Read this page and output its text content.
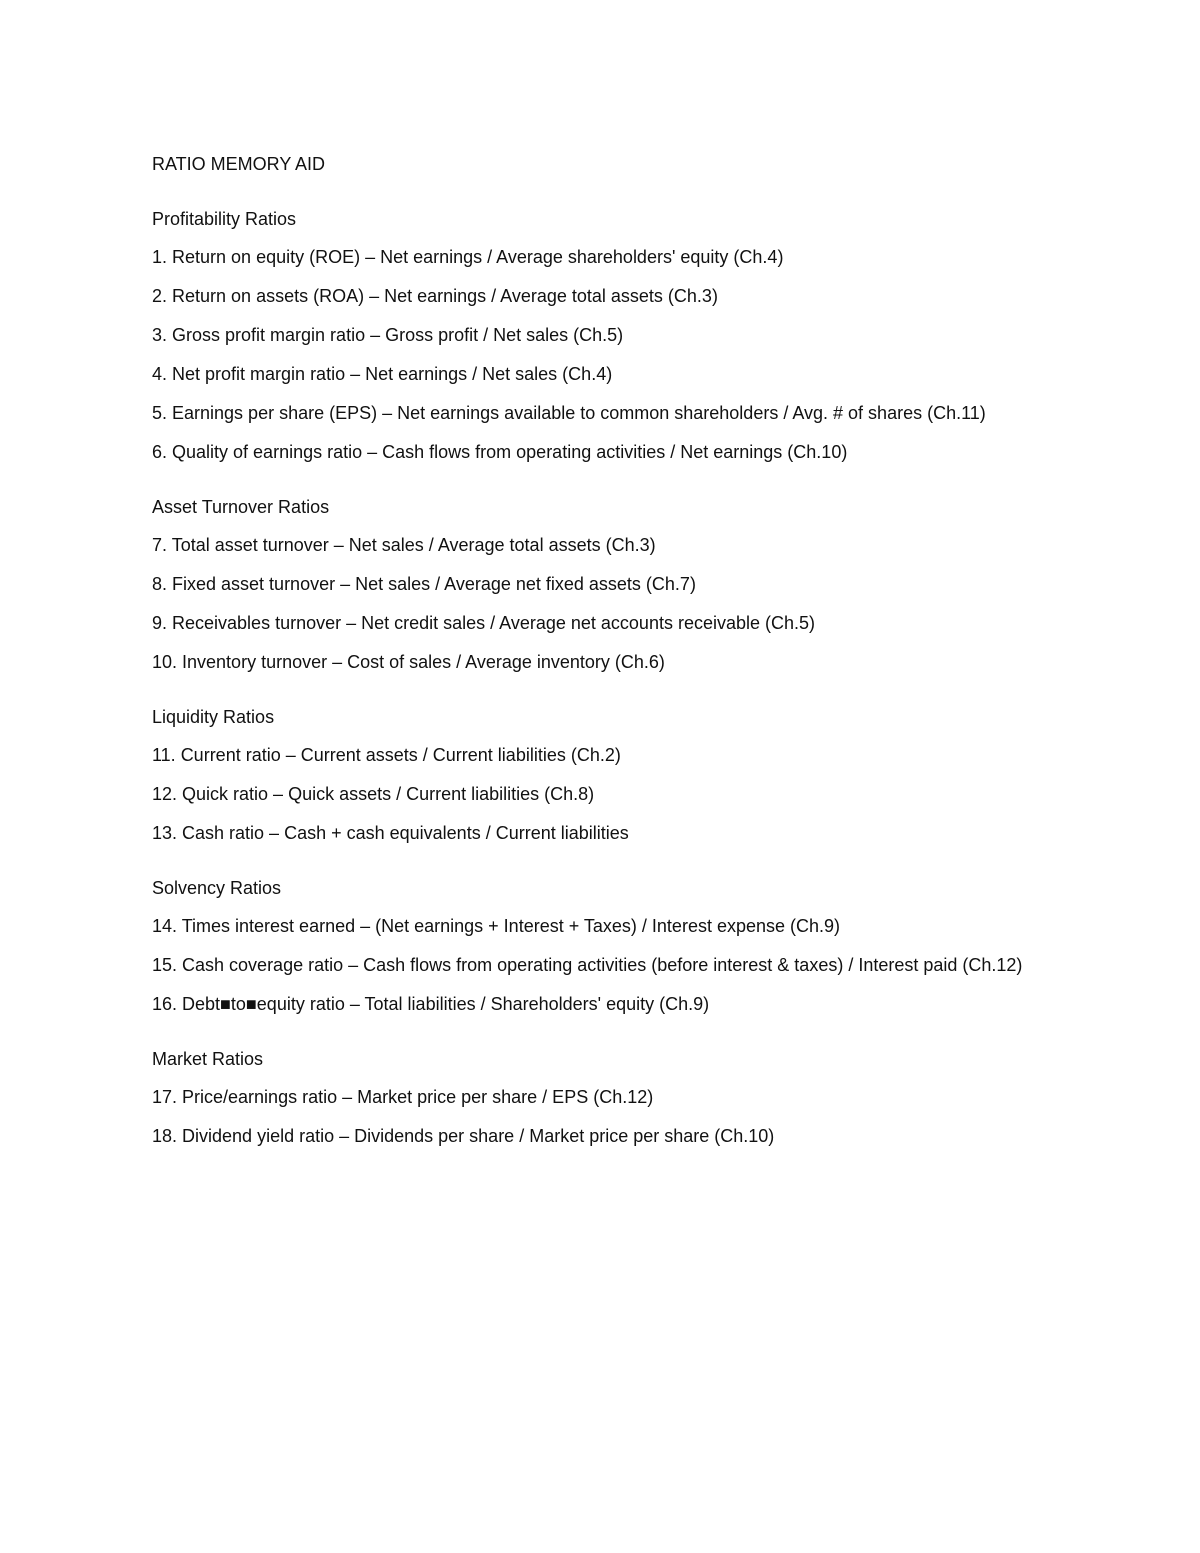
RATIO MEMORY AID
Profitability Ratios
1. Return on equity (ROE) – Net earnings / Average shareholders' equity (Ch.4)
2. Return on assets (ROA) – Net earnings / Average total assets (Ch.3)
3. Gross profit margin ratio – Gross profit / Net sales (Ch.5)
4. Net profit margin ratio – Net earnings / Net sales (Ch.4)
5. Earnings per share (EPS) – Net earnings available to common shareholders / Avg. # of shares (Ch.11)
6. Quality of earnings ratio – Cash flows from operating activities / Net earnings (Ch.10)
Asset Turnover Ratios
7. Total asset turnover – Net sales / Average total assets (Ch.3)
8. Fixed asset turnover – Net sales / Average net fixed assets (Ch.7)
9. Receivables turnover – Net credit sales / Average net accounts receivable (Ch.5)
10. Inventory turnover – Cost of sales / Average inventory (Ch.6)
Liquidity Ratios
11. Current ratio – Current assets / Current liabilities (Ch.2)
12. Quick ratio – Quick assets / Current liabilities (Ch.8)
13. Cash ratio – Cash + cash equivalents / Current liabilities
Solvency Ratios
14. Times interest earned – (Net earnings + Interest + Taxes) / Interest expense (Ch.9)
15. Cash coverage ratio – Cash flows from operating activities (before interest & taxes) / Interest paid (Ch.12)
16. Debt■to■equity ratio – Total liabilities / Shareholders' equity (Ch.9)
Market Ratios
17. Price/earnings ratio – Market price per share / EPS (Ch.12)
18. Dividend yield ratio – Dividends per share / Market price per share (Ch.10)
